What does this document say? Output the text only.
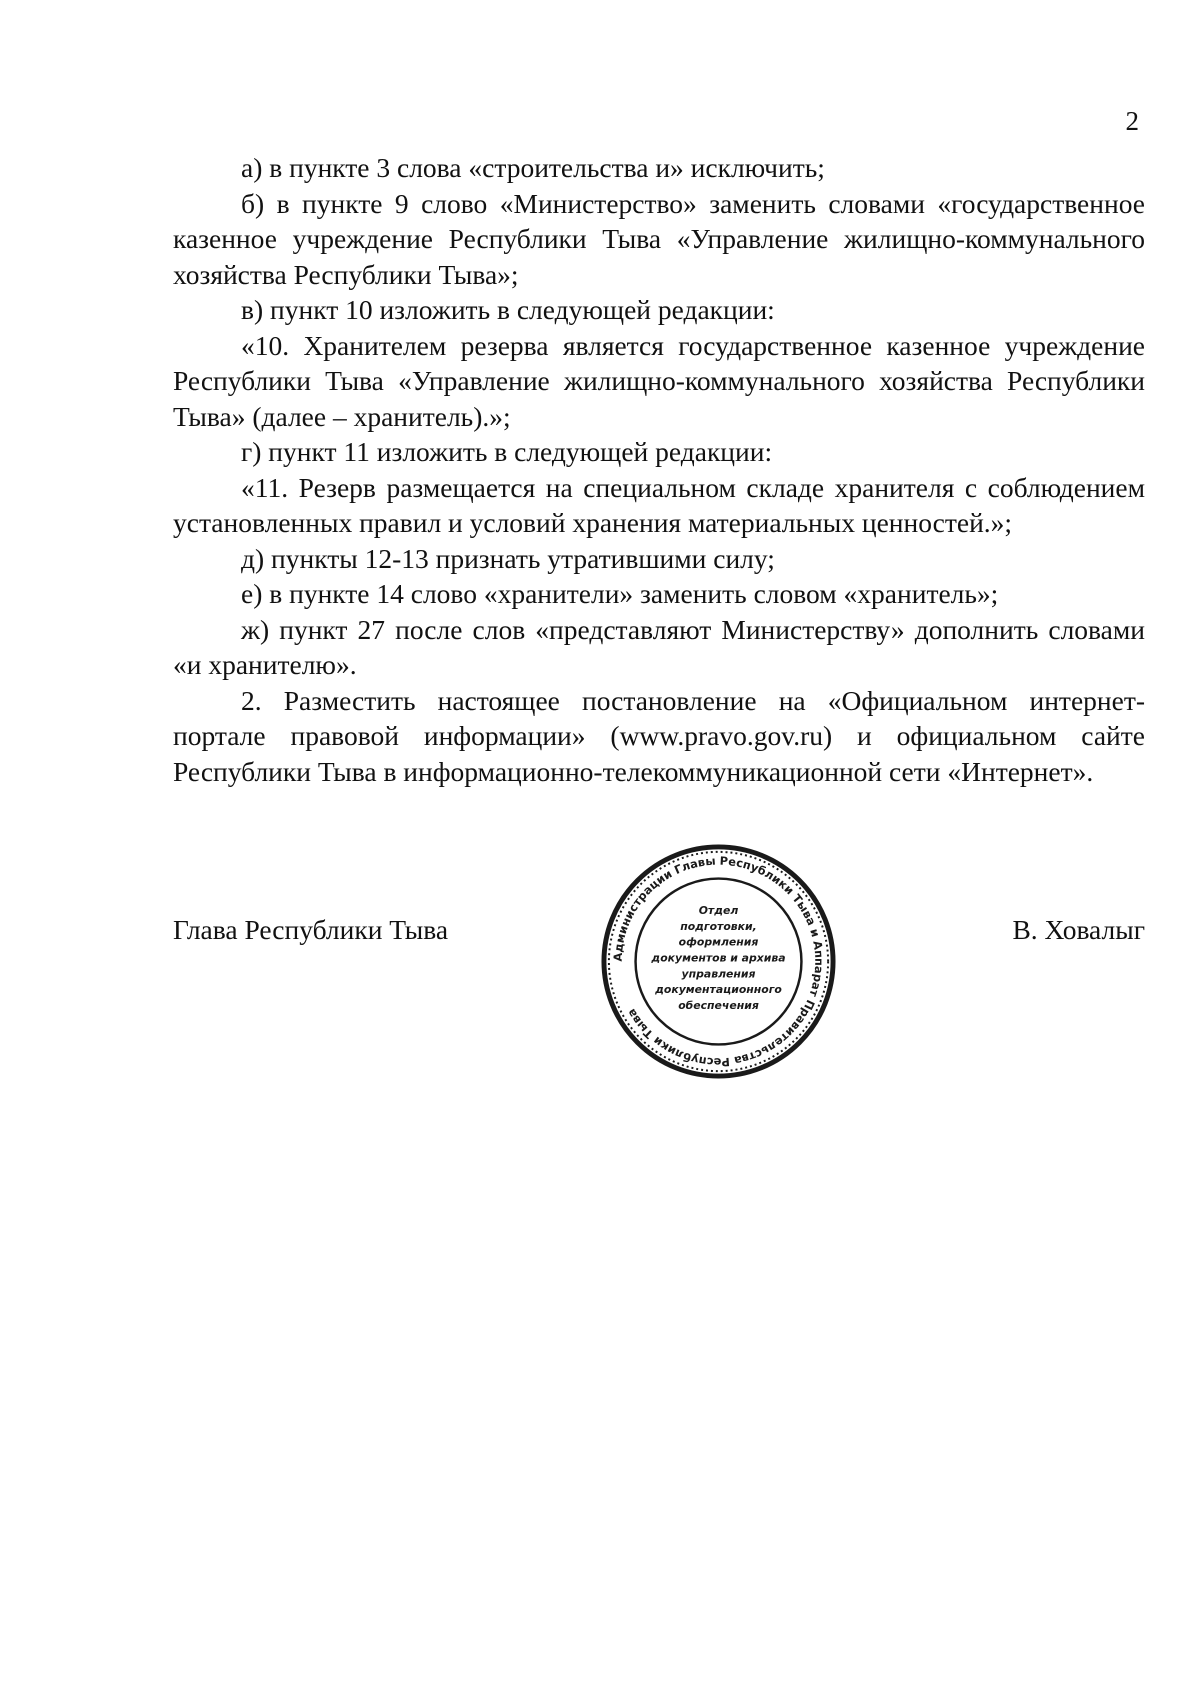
2

а) в пункте 3 слова «строительства и» исключить;

б) в пункте 9 слово «Министерство» заменить словами «государственное казенное учреждение Республики Тыва «Управление жилищно-коммунального хозяйства Республики Тыва»;

в) пункт 10 изложить в следующей редакции:

«10. Хранителем резерва является государственное казенное учреждение Республики Тыва «Управление жилищно-коммунального хозяйства Республики Тыва» (далее – хранитель).»;

г) пункт 11 изложить в следующей редакции:

«11. Резерв размещается на специальном складе хранителя с соблюдением установленных правил и условий хранения материальных ценностей.»;

д) пункты 12-13 признать утратившими силу;

е) в пункте 14 слово «хранители» заменить словом «хранитель»;

ж) пункт 27 после слов «представляют Министерству» дополнить словами «и хранителю».

2. Разместить настоящее постановление на «Официальном интернет-портале правовой информации» (www.pravo.gov.ru) и официальном сайте Республики Тыва в информационно-телекоммуникационной сети «Интернет».

Глава Республики Тыва	В. Ховалыг
Администрации Главы Республики Тыва и Аппарат Правительства Республики Тыва
Отдел
подготовки,
оформления
документов и архива
управления
документационного
обеспечения
